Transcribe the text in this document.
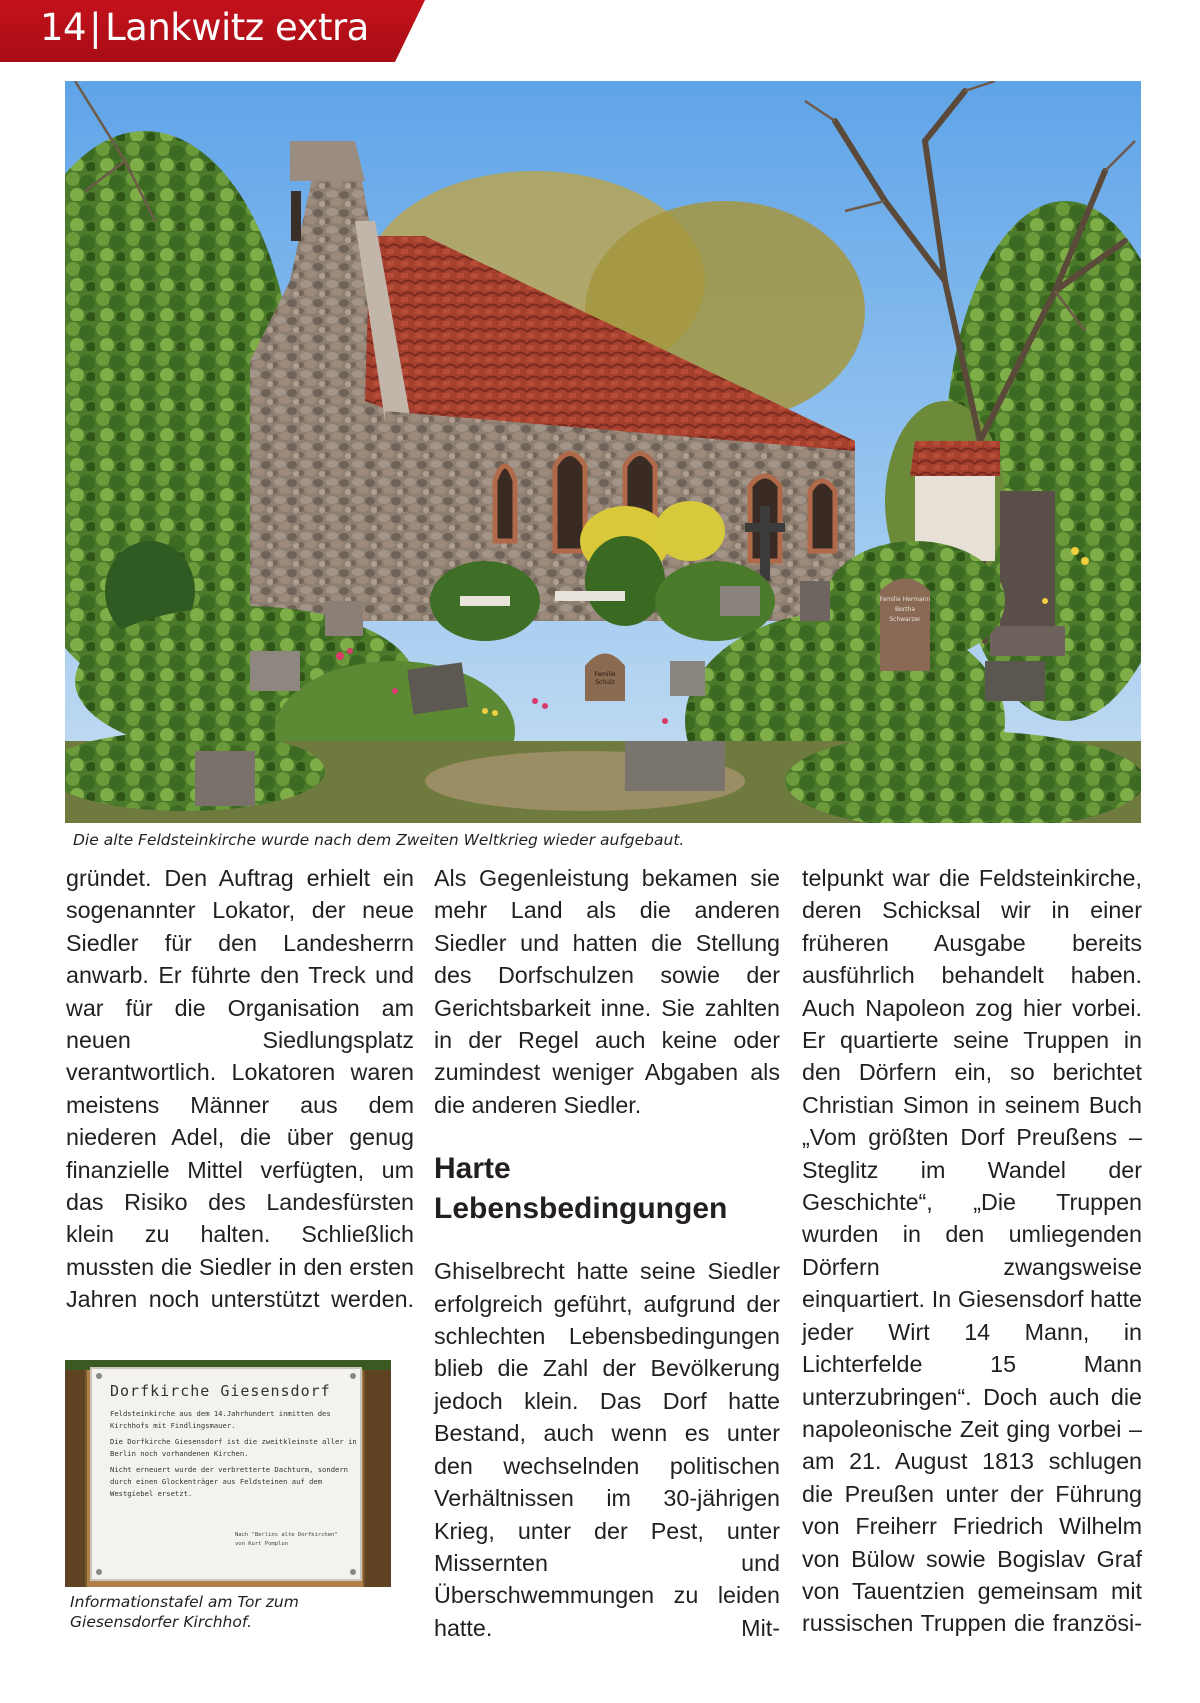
14| Lankwitz extra
Familie
Schulz
Familie Hermann
Bertha
Schwarzer
Die alte Feldsteinkirche wurde nach dem Zweiten Weltkrieg wieder aufgebaut.

gründet. Den Auftrag erhielt ein sogenannter Lokator, der neue Siedler für den Landesherrn anwarb. Er führte den Treck und war für die Organisation am neuen Siedlungsplatz verantwortlich. Lokatoren waren meistens Männer aus dem niederen Adel, die über genug finanzielle Mittel verfügten, um das Risiko des Landesfürsten klein zu halten. Schließlich mussten die Siedler in den ersten Jahren noch unterstützt werden.

Dorfkirche Giesensdorf
Feldsteinkirche aus dem 14.Jahrhundert inmitten des
Kirchhofs mit Findlingsmauer.
Die Dorfkirche Giesensdorf ist die zweitkleinste aller in
Berlin noch vorhandenen Kirchen.
Nicht erneuert wurde der verbretterte Dachturm, sondern
durch einen Glockenträger aus Feldsteinen auf dem
Westgiebel ersetzt.
Nach "Berlins alte Dorfkirchen"
von Kurt Pomplun
Informationstafel am Tor zum
Giesensdorfer Kirchhof.

Als Gegenleistung bekamen sie mehr Land als die anderen Siedler und hatten die Stellung des Dorfschulzen sowie der Gerichtsbarkeit inne. Sie zahlten in der Regel auch keine oder zumindest weniger Abgaben als die anderen Siedler.

Harte
Lebensbedingungen

Ghiselbrecht hatte seine Siedler erfolgreich geführt, aufgrund der schlechten Lebensbedingungen blieb die Zahl der Bevölkerung jedoch klein. Das Dorf hatte Bestand, auch wenn es unter den wechselnden politischen Verhältnissen im 30-jährigen Krieg, unter der Pest, unter Missernten und Überschwemmungen zu leiden hatte. Mit-

telpunkt war die Feldsteinkirche, deren Schicksal wir in einer früheren Ausgabe bereits ausführlich behandelt haben. Auch Napoleon zog hier vorbei. Er quartierte seine Truppen in den Dörfern ein, so berichtet Christian Simon in seinem Buch „Vom größten Dorf Preußens – Steglitz im Wandel der Geschichte“, „Die Truppen wurden in den umliegenden Dörfern zwangsweise einquartiert. In Giesensdorf hatte jeder Wirt 14 Mann, in Lichterfelde 15 Mann unterzubringen“. Doch auch die napoleonische Zeit ging vorbei – am 21. August 1813 schlugen die Preußen unter der Führung von Freiherr Friedrich Wilhelm von Bülow sowie Bogislav Graf von Tauentzien gemeinsam mit russischen Truppen die französi-
